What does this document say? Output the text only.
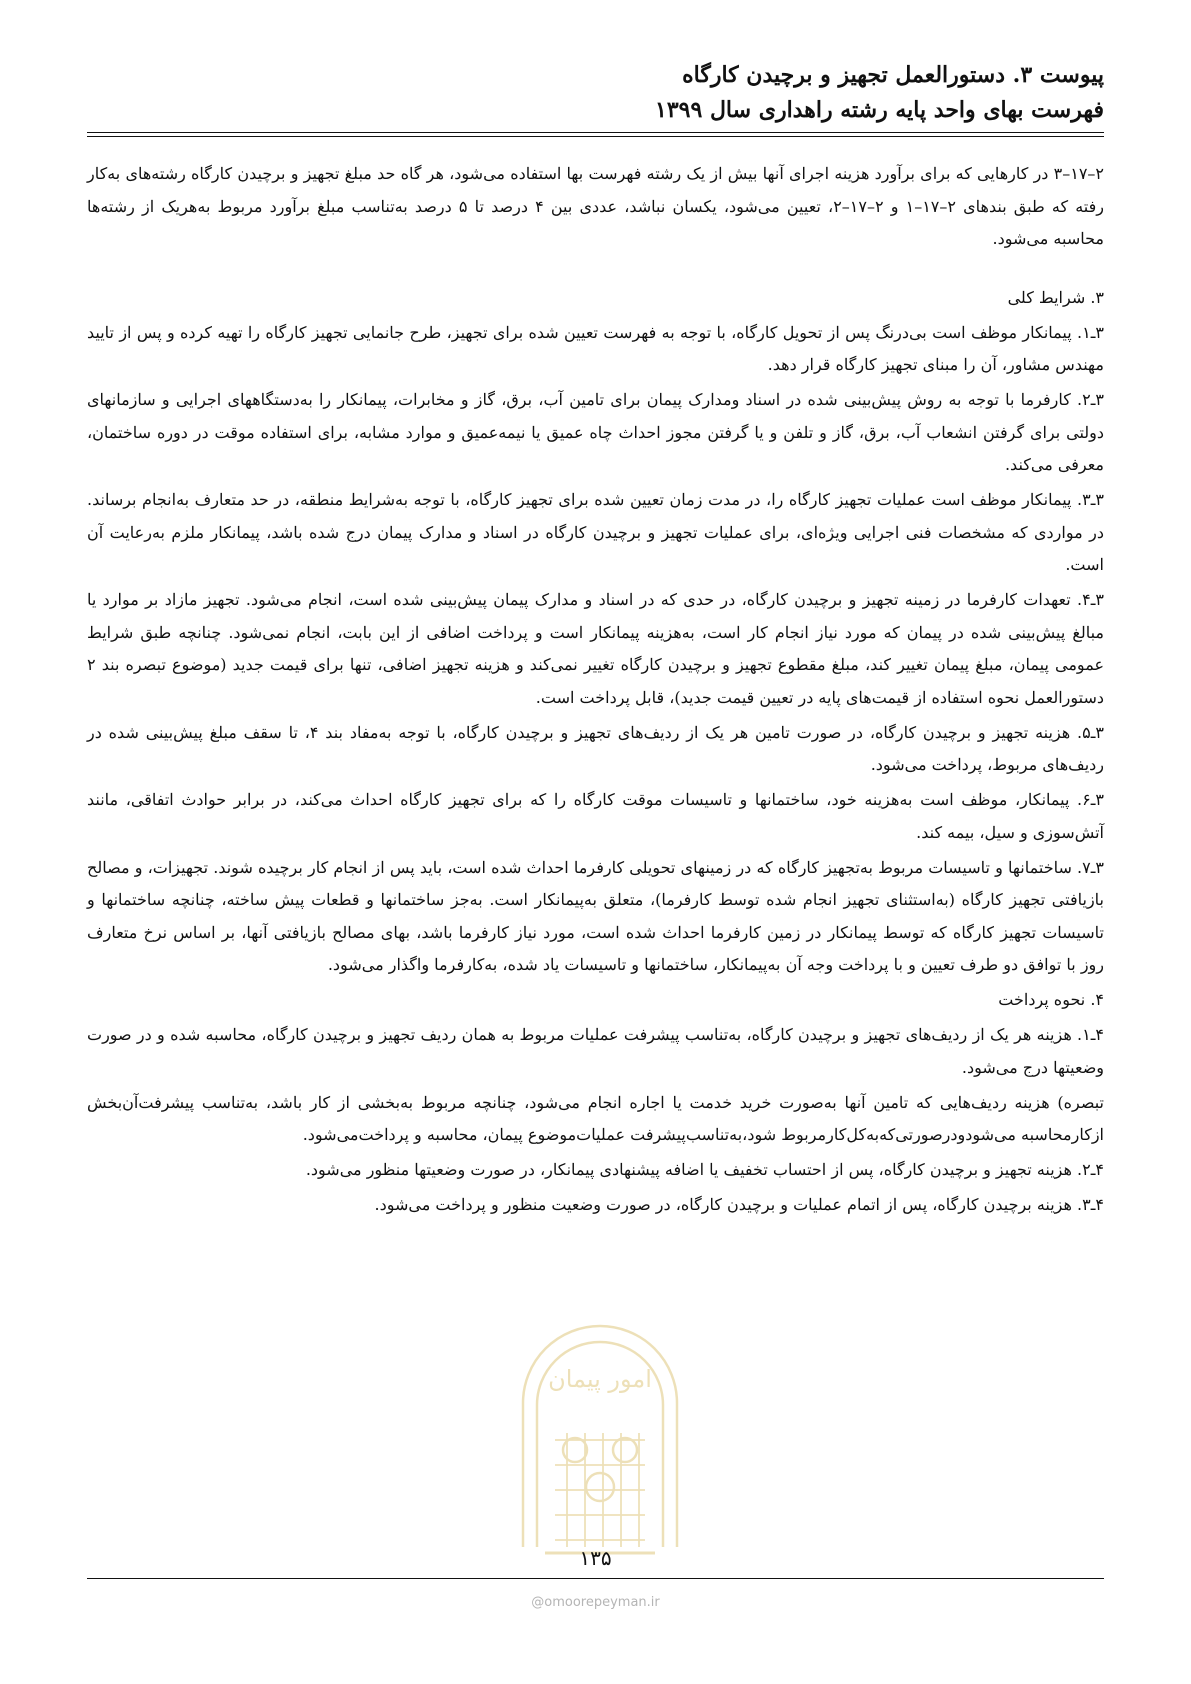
پیوست ۳. دستورالعمل تجهیز و برچیدن کارگاه
فهرست بهای واحد پایه رشته راهداری سال ۱۳۹۹

۲–۱۷–۳ در کارهایی که برای برآورد هزینه اجرای آنها بیش از یک رشته فهرست بها استفاده می‌شود، هر گاه حد مبلغ تجهیز و برچیدن کارگاه رشته‌های به‌کار رفته که طبق بندهای ۲–۱۷–۱ و ۲–۱۷–۲، تعیین می‌شود، یکسان نباشد، عددی بین ۴ درصد تا ۵ درصد به‌تناسب مبلغ برآورد مربوط به‌هریک از رشته‌ها محاسبه می‌شود.

۳. شرایط کلی

۳ـ۱. پیمانکار موظف است بی‌درنگ پس از تحویل کارگاه، با توجه به فهرست تعیین شده برای تجهیز، طرح جانمایی تجهیز کارگاه را تهیه کرده و پس از تایید مهندس مشاور، آن را مبنای تجهیز کارگاه قرار دهد.

۳ـ۲. کارفرما با توجه به روش پیش‌بینی شده در اسناد ومدارک پیمان برای تامین آب، برق، گاز و مخابرات، پیمانکار را به‌دستگاههای اجرایی و سازمانهای دولتی برای گرفتن انشعاب آب، برق، گاز و تلفن و یا گرفتن مجوز احداث چاه عمیق یا نیمه‌عمیق و موارد مشابه، برای استفاده موقت در دوره ساختمان، معرفی می‌کند.

۳ـ۳. پیمانکار موظف است عملیات تجهیز کارگاه را، در مدت زمان تعیین شده برای تجهیز کارگاه، با توجه به‌شرایط منطقه، در حد متعارف به‌انجام برساند. در مواردی که مشخصات فنی اجرایی ویژه‌ای، برای عملیات تجهیز و برچیدن کارگاه در اسناد و مدارک پیمان درج شده باشد، پیمانکار ملزم به‌رعایت آن است.

۳ـ۴. تعهدات کارفرما در زمینه تجهیز و برچیدن کارگاه، در حدی که در اسناد و مدارک پیمان پیش‌بینی شده است، انجام می‌شود. تجهیز مازاد بر موارد یا مبالغ پیش‌بینی شده در پیمان که مورد نیاز انجام کار است، به‌هزینه پیمانکار است و پرداخت اضافی از این بابت، انجام نمی‌شود. چنانچه طبق شرایط عمومی پیمان، مبلغ پیمان تغییر کند، مبلغ مقطوع تجهیز و برچیدن کارگاه تغییر نمی‌کند و هزینه تجهیز اضافی، تنها برای قیمت جدید (موضوع تبصره بند ۲ دستورالعمل نحوه استفاده از قیمت‌های پایه در تعیین قیمت جدید)، قابل پرداخت است.

۳ـ۵. هزینه تجهیز و برچیدن کارگاه، در صورت تامین هر یک از ردیف‌های تجهیز و برچیدن کارگاه، با توجه به‌مفاد بند ۴، تا سقف مبلغ پیش‌بینی شده در ردیف‌های مربوط، پرداخت می‌شود.

۳ـ۶. پیمانکار، موظف است به‌هزینه خود، ساختمانها و تاسیسات موقت کارگاه را که برای تجهیز کارگاه احداث می‌کند، در برابر حوادث اتفاقی، مانند آتش‌سوزی و سیل، بیمه کند.

۳ـ۷. ساختمانها و تاسیسات مربوط به‌تجهیز کارگاه که در زمینهای تحویلی کارفرما احداث شده است، باید پس از انجام کار برچیده شوند. تجهیزات، و مصالح بازیافتی تجهیز کارگاه (به‌استثنای تجهیز انجام شده توسط کارفرما)، متعلق به‌پیمانکار است. به‌جز ساختمانها و قطعات پیش ساخته، چنانچه ساختمانها و تاسیسات تجهیز کارگاه که توسط پیمانکار در زمین کارفرما احداث شده است، مورد نیاز کارفرما باشد، بهای مصالح بازیافتی آنها، بر اساس نرخ متعارف روز با توافق دو طرف تعیین و با پرداخت وجه آن به‌پیمانکار، ساختمانها و تاسیسات یاد شده، به‌کارفرما واگذار می‌شود.

۴. نحوه پرداخت

۴ـ۱. هزینه هر یک از ردیف‌های تجهیز و برچیدن کارگاه، به‌تناسب پیشرفت عملیات مربوط به همان ردیف تجهیز و برچیدن کارگاه، محاسبه شده و در صورت وضعیتها درج می‌شود.

تبصره) هزینه ردیف‌هایی که تامین آنها به‌صورت خرید خدمت یا اجاره انجام می‌شود، چنانچه مربوط به‌بخشی از کار باشد، به‌تناسب پیشرفت‌آن‌بخش ازکارمحاسبه می‌شودودرصورتی‌که‌به‌کل‌کارمربوط شود،به‌تناسب‌پیشرفت عملیات‌موضوع پیمان، محاسبه و پرداخت‌می‌شود.

۴ـ۲. هزینه تجهیز و برچیدن کارگاه، پس از احتساب تخفیف یا اضافه پیشنهادی پیمانکار، در صورت وضعیتها منظور می‌شود.

۴ـ۳. هزینه برچیدن کارگاه، پس از اتمام عملیات و برچیدن کارگاه، در صورت وضعیت منظور و پرداخت می‌شود.

امور پیمان
۱۳۵
@omoorepeyman.ir
